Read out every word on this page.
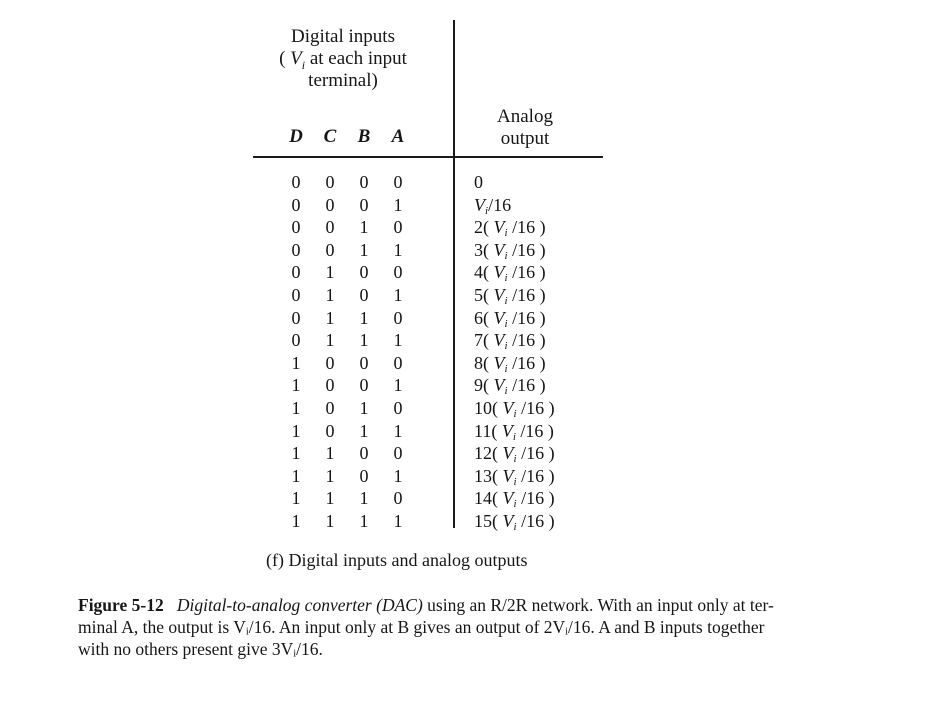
Digital inputs
( $V_i$ at each input
terminal)
Analog
output
D	C	B	A
0	0	0	0	0
0	0	0	1	$V_i/16$
0	0	1	0	2( $V_i$ /16 )
0	0	1	1	3( $V_i$ /16 )
0	1	0	0	4( $V_i$ /16 )
0	1	0	1	5( $V_i$ /16 )
0	1	1	0	6( $V_i$ /16 )
0	1	1	1	7( $V_i$ /16 )
1	0	0	0	8( $V_i$ /16 )
1	0	0	1	9( $V_i$ /16 )
1	0	1	0	10( $V_i$ /16 )
1	0	1	1	11( $V_i$ /16 )
1	1	0	0	12( $V_i$ /16 )
1	1	0	1	13( $V_i$ /16 )
1	1	1	0	14( $V_i$ /16 )
1	1	1	1	15( $V_i$ /16 )
(f) Digital inputs and analog outputs
Figure 5-12 Digital-to-analog converter (DAC) using an R/2R network. With an input only at ter-
minal A, the output is Vᵢ/16. An input only at B gives an output of 2Vᵢ/16. A and B inputs together
with no others present give 3Vᵢ/16.
